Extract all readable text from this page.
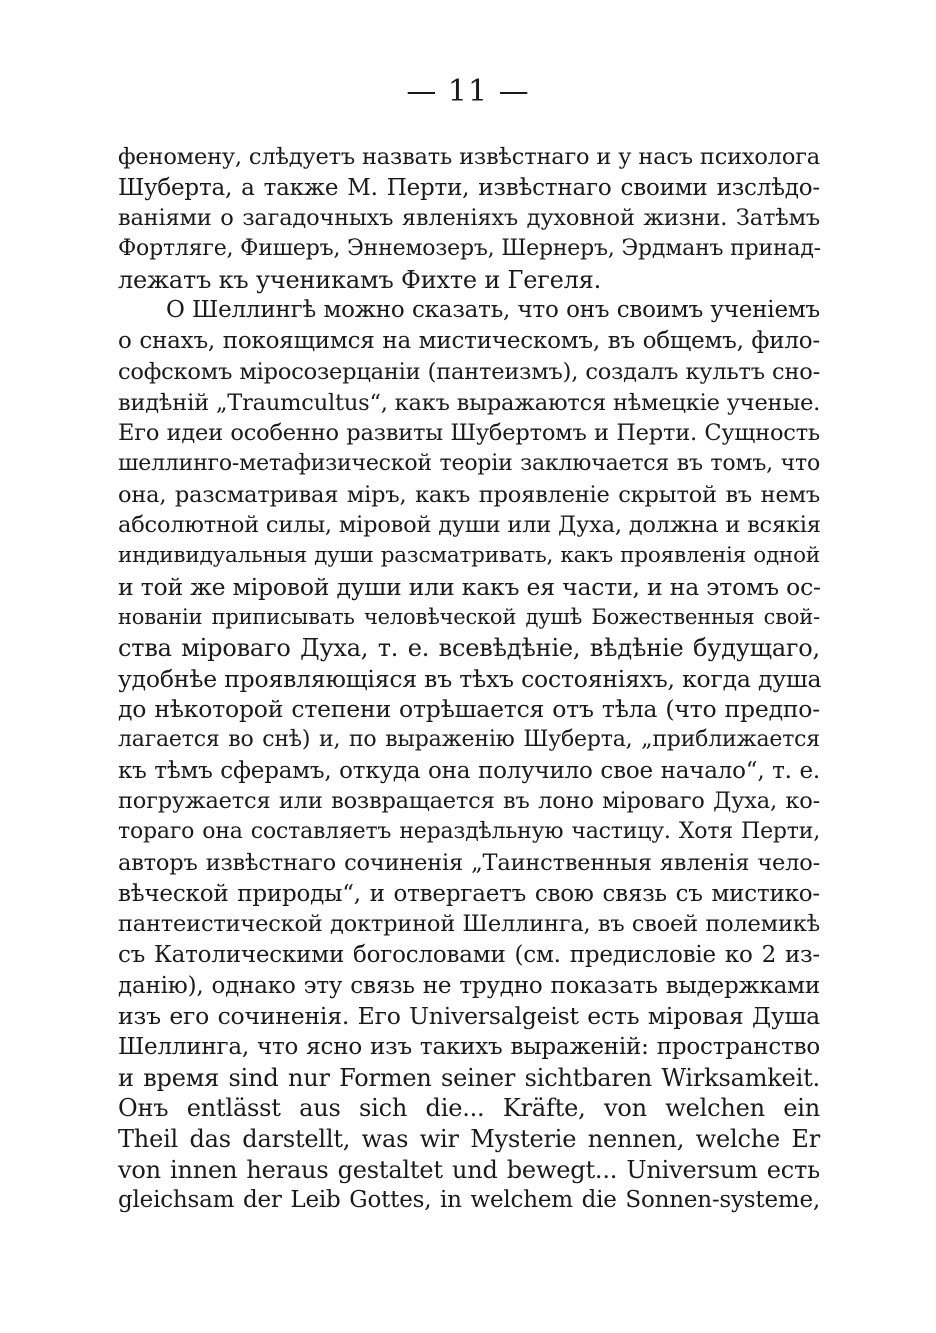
— 11 —
феномену, слѣдуетъ назвать извѣстнаго и у насъ психолога
Шуберта, а также М. Перти, извѣстнаго своими изслѣдо-
ваніями о загадочныхъ явленіяхъ духовной жизни. Затѣмъ
Фортляге, Фишеръ, Эннемозеръ, Шернеръ, Эрдманъ принад-
лежатъ къ ученикамъ Фихте и Гегеля.
О Шеллингѣ можно сказать, что онъ своимъ ученіемъ
о снахъ, покоящимся на мистическомъ, въ общемъ, фило-
софскомъ міросозерцаніи (пантеизмъ), создалъ культъ сно-
видѣній „Traumcultus“, какъ выражаются нѣмецкіе ученые.
Его идеи особенно развиты Шубертомъ и Перти. Сущность
шеллинго-метафизической теоріи заключается въ томъ, что
она, разсматривая міръ, какъ проявленіе скрытой въ немъ
абсолютной силы, міровой души или Духа, должна и всякія
индивидуальныя души разсматривать, какъ проявленія одной
и той же міровой души или какъ ея части, и на этомъ ос-
нованіи приписывать человѣческой душѣ Божественныя свой-
ства міроваго Духа, т. е. всевѣдѣніе, вѣдѣніе будущаго,
удобнѣе проявляющіяся въ тѣхъ состояніяхъ, когда душа
до нѣкоторой степени отрѣшается отъ тѣла (что предпо-
лагается во снѣ) и, по выраженію Шуберта, „приближается
къ тѣмъ сферамъ, откуда она получило свое начало“, т. е.
погружается или возвращается въ лоно міроваго Духа, ко-
тораго она составляетъ нераздѣльную частицу. Хотя Перти,
авторъ извѣстнаго сочиненія „Таинственныя явленія чело-
вѣческой природы“, и отвергаетъ свою связь съ мистико-
пантеистической доктриной Шеллинга, въ своей полемикѣ
съ Католическими богословами (см. предисловіе ко 2 из-
данію), однако эту связь не трудно показать выдержками
изъ его сочиненія. Его Universalgeist есть міровая Душа
Шеллинга, что ясно изъ такихъ выраженій: пространство
и время sind nur Formen seiner sichtbaren Wirksamkeit.
Онъ entlässt aus sich die... Kräfte, von welchen ein
Theil das darstellt, was wir Mysterie nennen, welche Er
von innen heraus gestaltet und bewegt... Universum есть
gleichsam der Leib Gottes, in welchem die Sonnen-systeme,
